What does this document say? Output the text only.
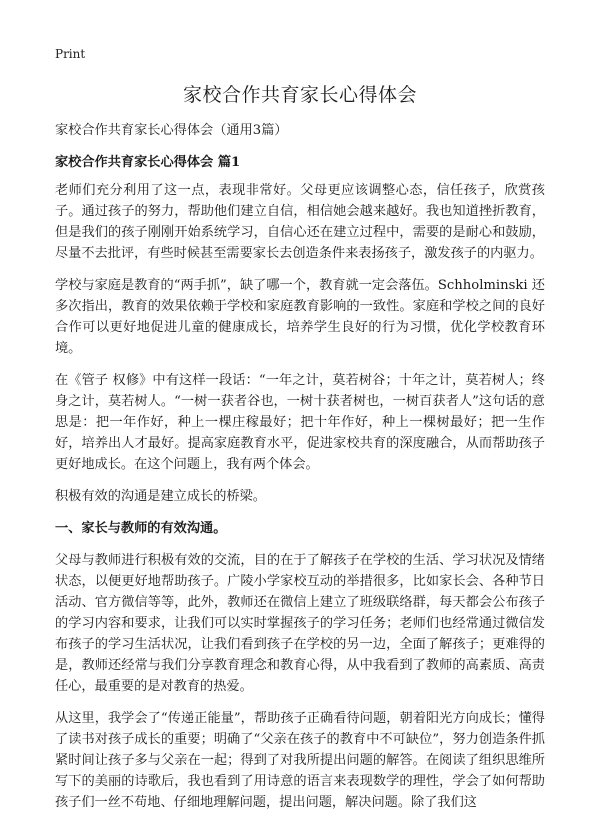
Print
家校合作共育家长心得体会

家校合作共育家长心得体会（通用3篇）

家校合作共育家长心得体会 篇1

老师们充分利用了这一点，表现非常好。父母更应该调整心态，信任孩子，欣赏孩子。通过孩子的努力，帮助他们建立自信，相信她会越来越好。我也知道挫折教育，但是我们的孩子刚刚开始系统学习，自信心还在建立过程中，需要的是耐心和鼓励，尽量不去批评，有些时候甚至需要家长去创造条件来表扬孩子，激发孩子的内驱力。

学校与家庭是教育的“两手抓”，缺了哪一个，教育就一定会落伍。Schholminski 还多次指出，教育的效果依赖于学校和家庭教育影响的一致性。家庭和学校之间的良好合作可以更好地促进儿童的健康成长，培养学生良好的行为习惯，优化学校教育环境。

在《管子 权修》中有这样一段话：“一年之计，莫若树谷；十年之计，莫若树人；终身之计，莫若树人。“一树一获者谷也，一树十获者树也，一树百获者人”这句话的意思是：把一年作好，种上一棵庄稼最好；把十年作好，种上一棵树最好；把一生作好，培养出人才最好。提高家庭教育水平，促进家校共育的深度融合，从而帮助孩子更好地成长。在这个问题上，我有两个体会。

积极有效的沟通是建立成长的桥梁。

一、家长与教师的有效沟通。

父母与教师进行积极有效的交流，目的在于了解孩子在学校的生活、学习状况及情绪状态，以便更好地帮助孩子。广陵小学家校互动的举措很多，比如家长会、各种节日活动、官方微信等等，此外，教师还在微信上建立了班级联络群，每天都会公布孩子的学习内容和要求，让我们可以实时掌握孩子的学习任务；老师们也经常通过微信发布孩子的学习生活状况，让我们看到孩子在学校的另一边，全面了解孩子；更难得的是，教师还经常与我们分享教育理念和教育心得，从中我看到了教师的高素质、高责任心，最重要的是对教育的热爱。

从这里，我学会了“传递正能量”，帮助孩子正确看待问题，朝着阳光方向成长；懂得了读书对孩子成长的重要；明确了“父亲在孩子的教育中不可缺位”，努力创造条件抓紧时间让孩子多与父亲在一起；得到了对我所提出问题的解答。在阅读了组织思维所写下的美丽的诗歌后，我也看到了用诗意的语言来表现数学的理性，学会了如何帮助孩子们一丝不苟地、仔细地理解问题，提出问题，解决问题。除了我们这
